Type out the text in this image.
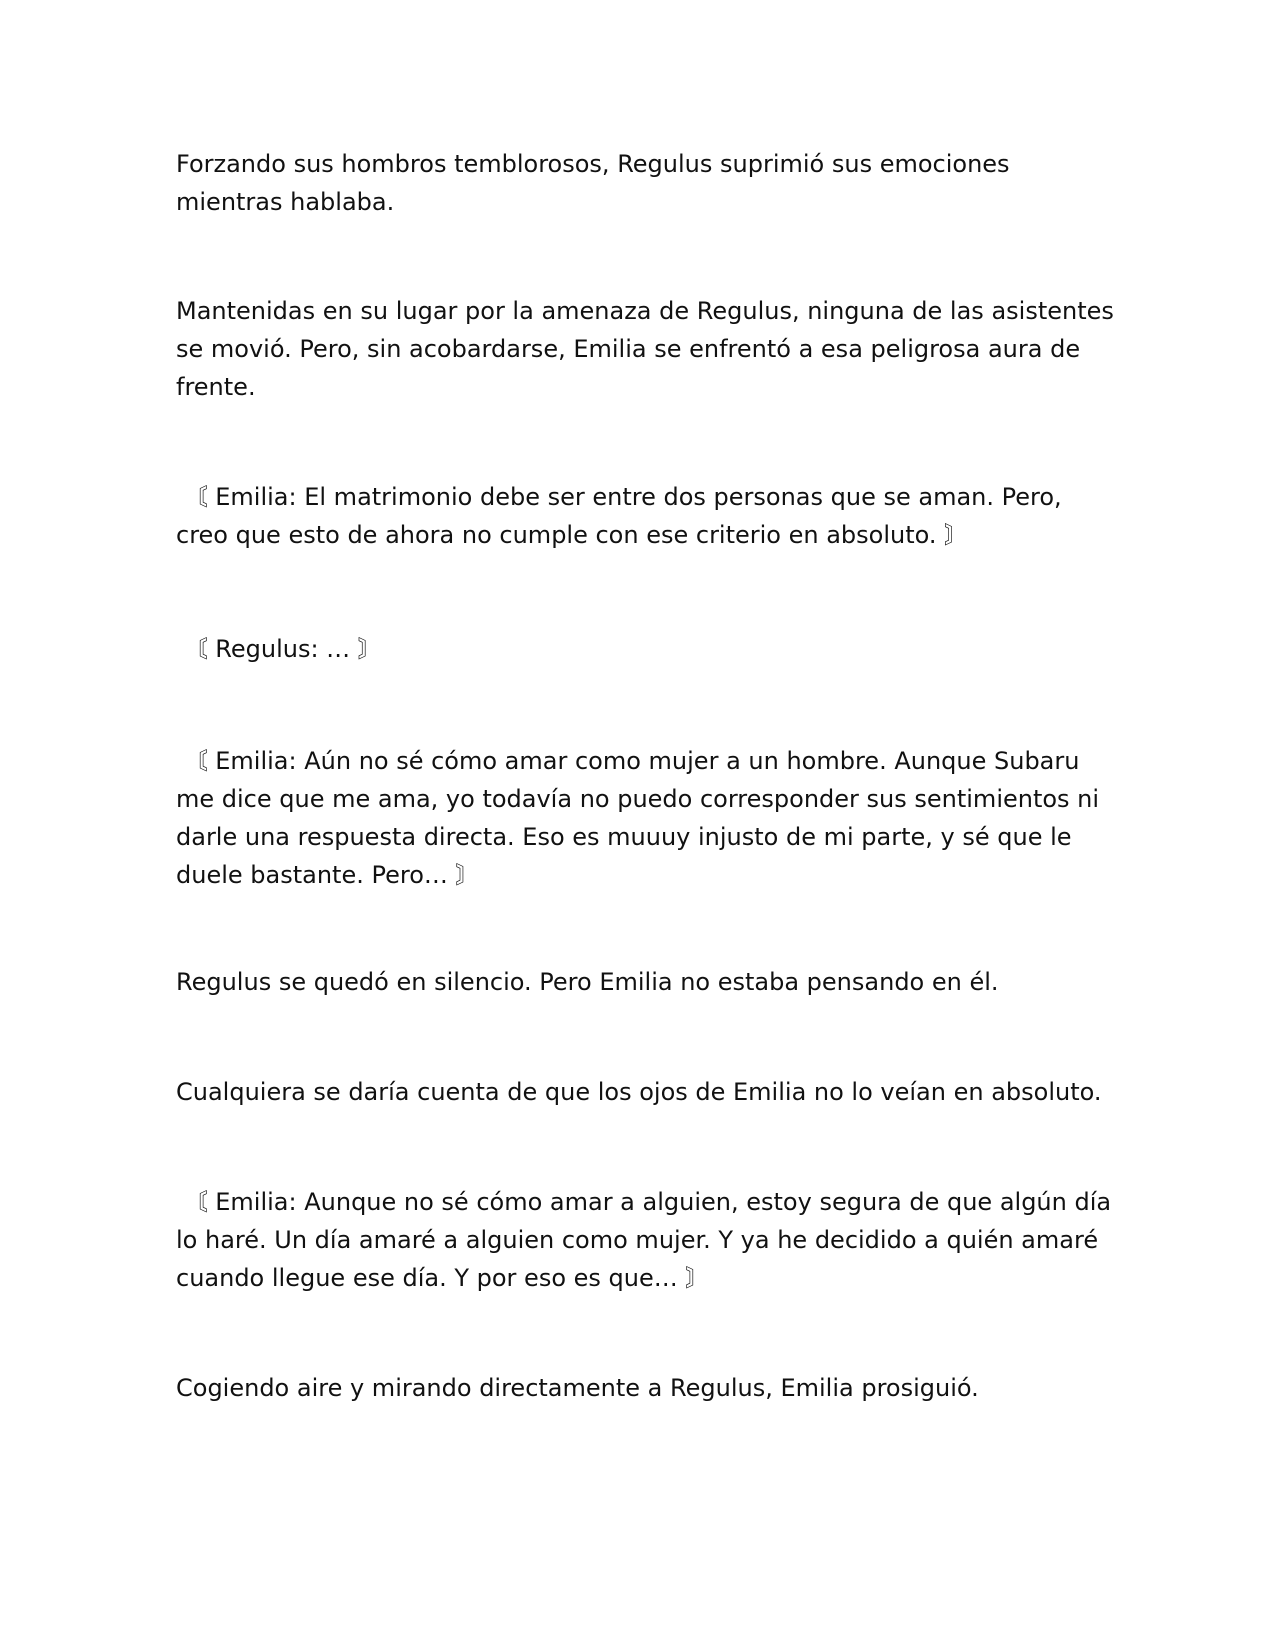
Forzando sus hombros temblorosos, Regulus suprimió sus emociones
mientras hablaba.

Mantenidas en su lugar por la amenaza de Regulus, ninguna de las asistentes
se movió. Pero, sin acobardarse, Emilia se enfrentó a esa peligrosa aura de
frente.

〘 Emilia: El matrimonio debe ser entre dos personas que se aman. Pero,
creo que esto de ahora no cumple con ese criterio en absoluto. 〙

〘 Regulus: … 〙

〘 Emilia: Aún no sé cómo amar como mujer a un hombre. Aunque Subaru
me dice que me ama, yo todavía no puedo corresponder sus sentimientos ni
darle una respuesta directa. Eso es muuuy injusto de mi parte, y sé que le
duele bastante. Pero… 〙

Regulus se quedó en silencio. Pero Emilia no estaba pensando en él.

Cualquiera se daría cuenta de que los ojos de Emilia no lo veían en absoluto.

〘 Emilia: Aunque no sé cómo amar a alguien, estoy segura de que algún día
lo haré. Un día amaré a alguien como mujer. Y ya he decidido a quién amaré
cuando llegue ese día. Y por eso es que… 〙

Cogiendo aire y mirando directamente a Regulus, Emilia prosiguió.
